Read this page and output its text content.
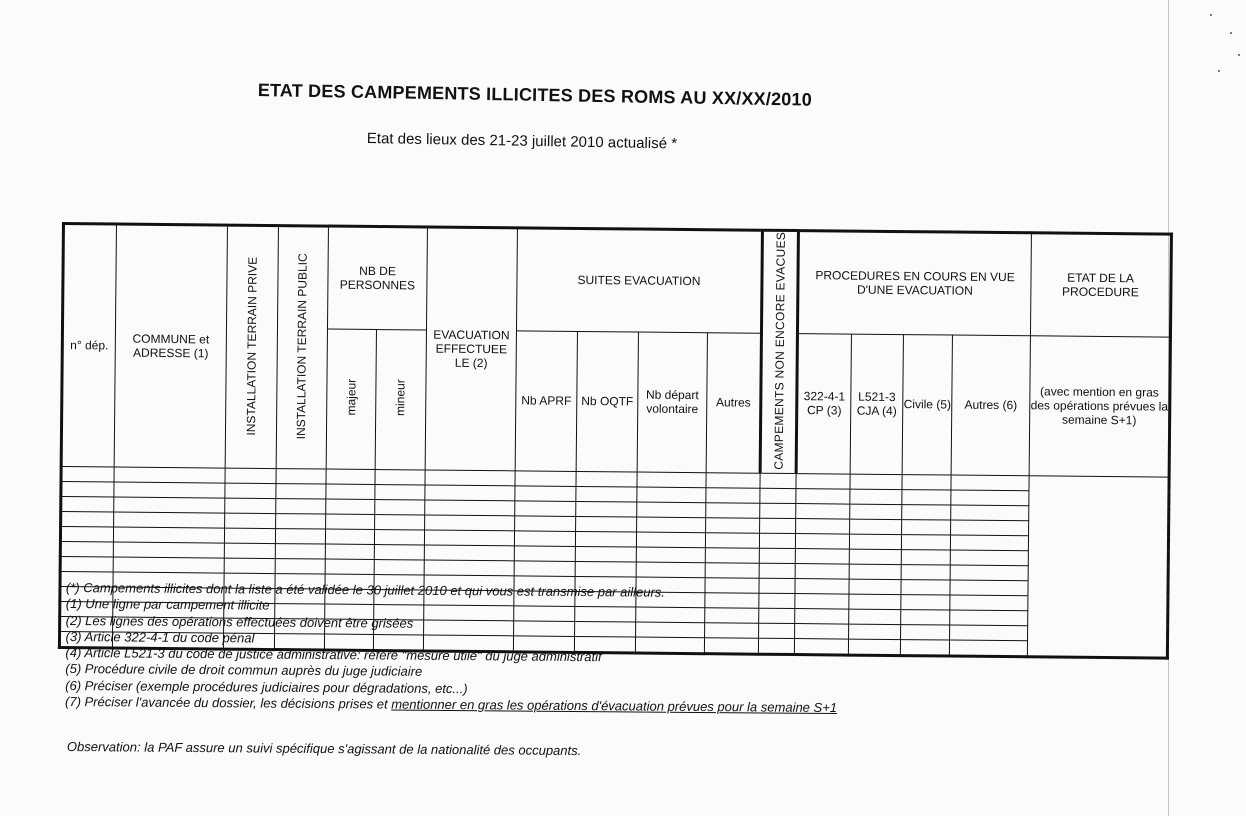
ETAT DES CAMPEMENTS ILLICITES DES ROMS AU XX/XX/2010
Etat des lieux des 21-23 juillet 2010 actualisé *
n° dép.	COMMUNE et ADRESSE (1)	INSTALLATION TERRAIN PRIVE	INSTALLATION TERRAIN PUBLIC	NB DE PERSONNES		EVACUATION EFFECTUEE LE (2)	SUITES EVACUATION				CAMPEMENTS NON ENCORE EVACUES	PROCEDURES EN COURS EN VUE D'UNE EVACUATION				ETAT DE LA PROCEDURE
				majeur	mineur		Nb APRF	Nb OQTF	Nb départ volontaire	Autres		322-4-1 CP (3)	L521-3 CJA (4)	Civile (5)	Autres (6)	(avec mention en gras des opérations prévues la semaine S+1)

(*) Campements illicites dont la liste a été validée le 30 juillet 2010 et qui vous est transmise par ailleurs.
(1) Une ligne par campement illicite
(2) Les lignes des opérations effectuées doivent être grisées
(3) Article 322-4-1 du code pénal
(4) Article L521-3 du code de justice administrative: référé "mesure utile" du juge administratif
(5) Procédure civile de droit commun auprès du juge judiciaire
(6) Préciser (exemple procédures judiciaires pour dégradations, etc...)
(7) Préciser l'avancée du dossier, les décisions prises et mentionner en gras les opérations d'évacuation prévues pour la semaine S+1
Observation: la PAF assure un suivi spécifique s'agissant de la nationalité des occupants.
